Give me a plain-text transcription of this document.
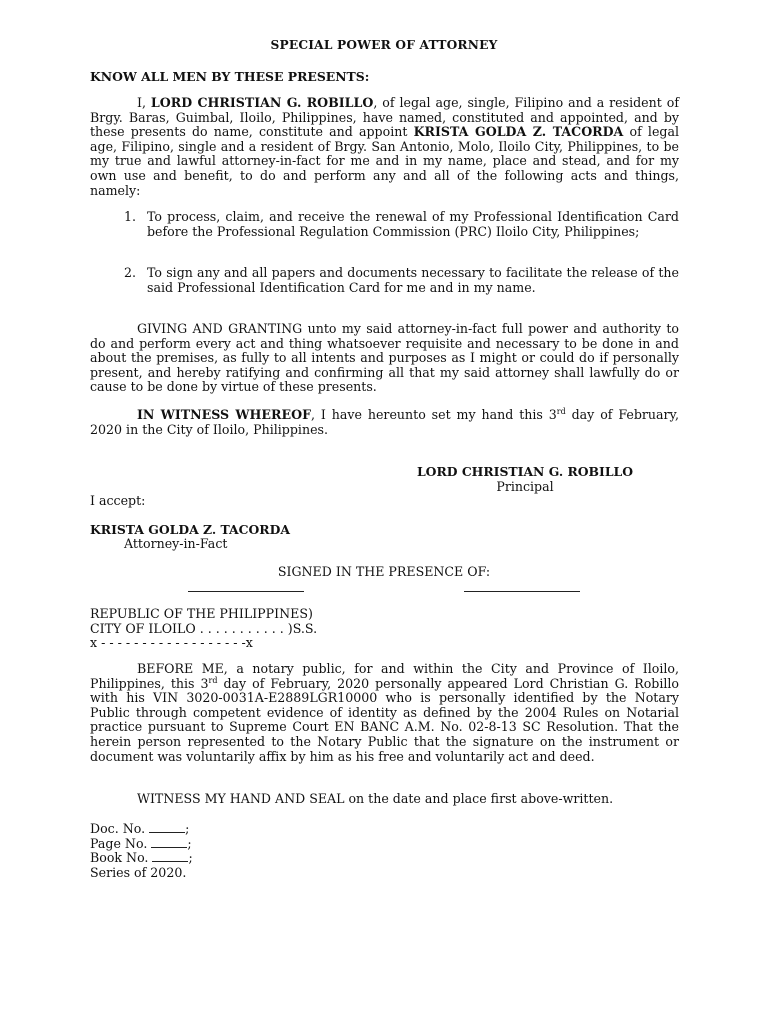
SPECIAL POWER OF ATTORNEY
KNOW ALL MEN BY THESE PRESENTS:
I, LORD CHRISTIAN G. ROBILLO, of legal age, single, Filipino and a resident of Brgy. Baras, Guimbal, Iloilo, Philippines, have named, constituted and appointed, and by these presents do name, constitute and appoint KRISTA GOLDA Z. TACORDA of legal age, Filipino, single and a resident of Brgy. San Antonio, Molo, Iloilo City, Philippines, to be my true and lawful attorney-in-fact for me and in my name, place and stead, and for my own use and benefit, to do and perform any and all of the following acts and things, namely:
1. To process, claim, and receive the renewal of my Professional Identification Card before the Professional Regulation Commission (PRC) Iloilo City, Philippines;
2. To sign any and all papers and documents necessary to facilitate the release of the said Professional Identification Card for me and in my name.
GIVING AND GRANTING unto my said attorney-in-fact full power and authority to do and perform every act and thing whatsoever requisite and necessary to be done in and about the premises, as fully to all intents and purposes as I might or could do if personally present, and hereby ratifying and confirming all that my said attorney shall lawfully do or cause to be done by virtue of these presents.
IN WITNESS WHEREOF, I have hereunto set my hand this 3rd day of February, 2020 in the City of Iloilo, Philippines.
LORD CHRISTIAN G. ROBILLO
Principal
I accept:
KRISTA GOLDA Z. TACORDA
Attorney-in-Fact
SIGNED IN THE PRESENCE OF:
REPUBLIC OF THE PHILIPPINES)
CITY OF ILOILO . . . . . . . . . . . )S.S.
x - - - - - - - - - - - - - - - - - -x
BEFORE ME, a notary public, for and within the City and Province of Iloilo, Philippines, this 3rd day of February, 2020 personally appeared Lord Christian G. Robillo with his VIN 3020-0031A-E2889LGR10000 who is personally identified by the Notary Public through competent evidence of identity as defined by the 2004 Rules on Notarial practice pursuant to Supreme Court EN BANC A.M. No. 02-8-13 SC Resolution. That the herein person represented to the Notary Public that the signature on the instrument or document was voluntarily affix by him as his free and voluntarily act and deed.
WITNESS MY HAND AND SEAL on the date and place first above-written.
Doc. No.	;
Page No.	;
Book No.	;
Series of 2020.
